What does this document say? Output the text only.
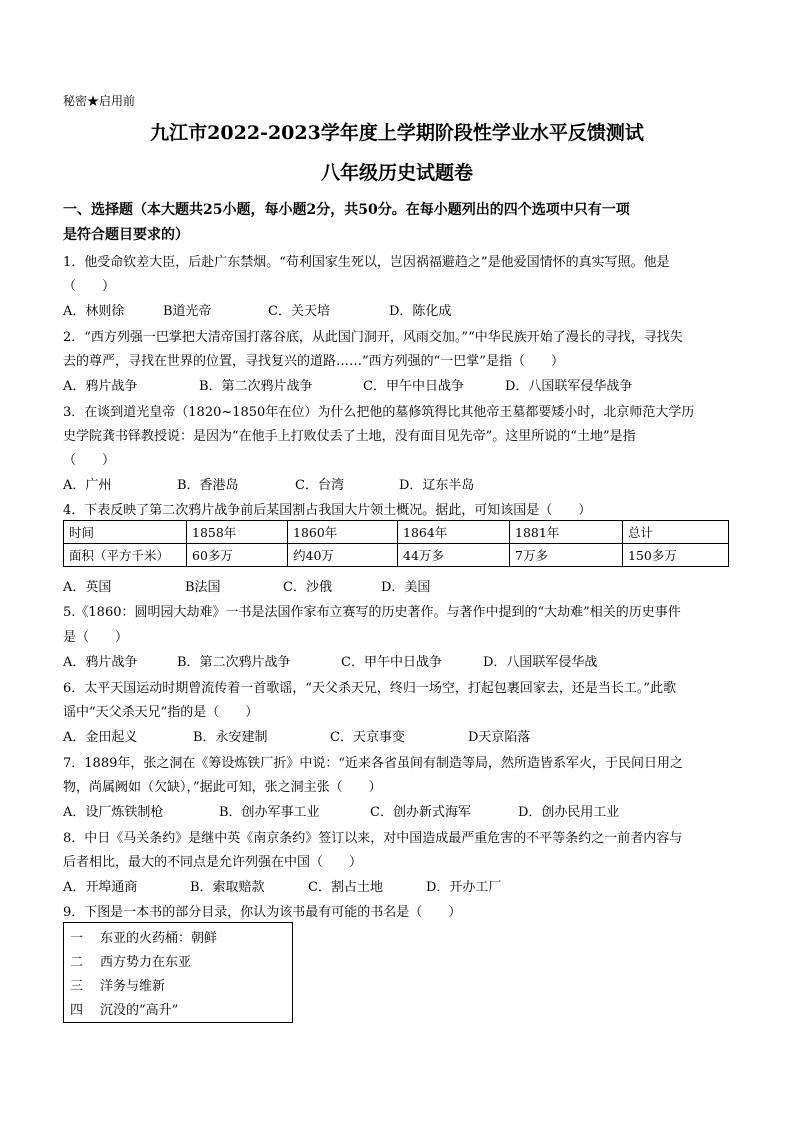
秘密★启用前
九江市2022-2023学年度上学期阶段性学业水平反馈测试
八年级历史试题卷
一、选择题（本大题共25小题，每小题2分，共50分。在每小题列出的四个选项中只有一项
是符合题目要求的）
1．他受命钦差大臣，后赴广东禁烟。“苟利国家生死以，岂因祸福避趋之”是他爱国情怀的真实写照。他是
（　　）
A．林则徐	B道光帝	C．关天培	D．陈化成
2．“西方列强一巴掌把大清帝国打落谷底，从此国门洞开，风雨交加。”“中华民族开始了漫长的寻找，寻找失
去的尊严，寻找在世界的位置，寻找复兴的道路……”西方列强的“一巴掌”是指（　　）
A．鸦片战争	B．第二次鸦片战争	C．甲午中日战争	D．八国联军侵华战争
3．在谈到道光皇帝（1820~1850年在位）为什么把他的墓修筑得比其他帝王墓都要矮小时，北京师范大学历
史学院龚书铎教授说：是因为“在他手上打败仗丢了土地，没有面目见先帝”。这里所说的“土地”是指
（　　）
A．广州	B．香港岛	C．台湾	D．辽东半岛
4．下表反映了第二次鸦片战争前后某国割占我国大片领土概况。据此，可知该国是（　　）
时间	1858年	1860年	1864年	1881年	总计
面积（平方千米）	60多万	约40万	44万多	7万多	150多万
A．英国	B法国	C．沙俄	D．美国
5.《1860：圆明园大劫难》一书是法国作家布立赛写的历史著作。与著作中提到的“大劫难”相关的历史事件
是（　　）
A．鸦片战争	B．第二次鸦片战争	C．甲午中日战争	D．八国联军侵华战
6．太平天国运动时期曾流传着一首歌谣，“天父杀天兄，终归一场空，打起包裹回家去，还是当长工。”此歌
谣中“天父杀天兄”指的是（　　）
A．金田起义	B．永安建制	C．天京事变	D天京陷落
7．1889年，张之洞在《筹设炼铁厂折》中说：“近来各省虽间有制造等局，然所造皆系军火，于民间日用之
物，尚属阙如（欠缺），”据此可知，张之洞主张（　　）
A．设厂炼铁制枪	B．创办军事工业	C．创办新式海军	D．创办民用工业
8．中日《马关条约》是继中英《南京条约》签订以来，对中国造成最严重危害的不平等条约之一前者内容与
后者相比，最大的不同点是允许列强在中国（　　）
A．开埠通商	B．索取赔款	C．割占土地	D．开办工厂
9．下图是一本书的部分目录，你认为该书最有可能的书名是（　　）
一 东亚的火药桶：朝鲜
二 西方势力在东亚
三 洋务与维新
四 沉没的“高升”
